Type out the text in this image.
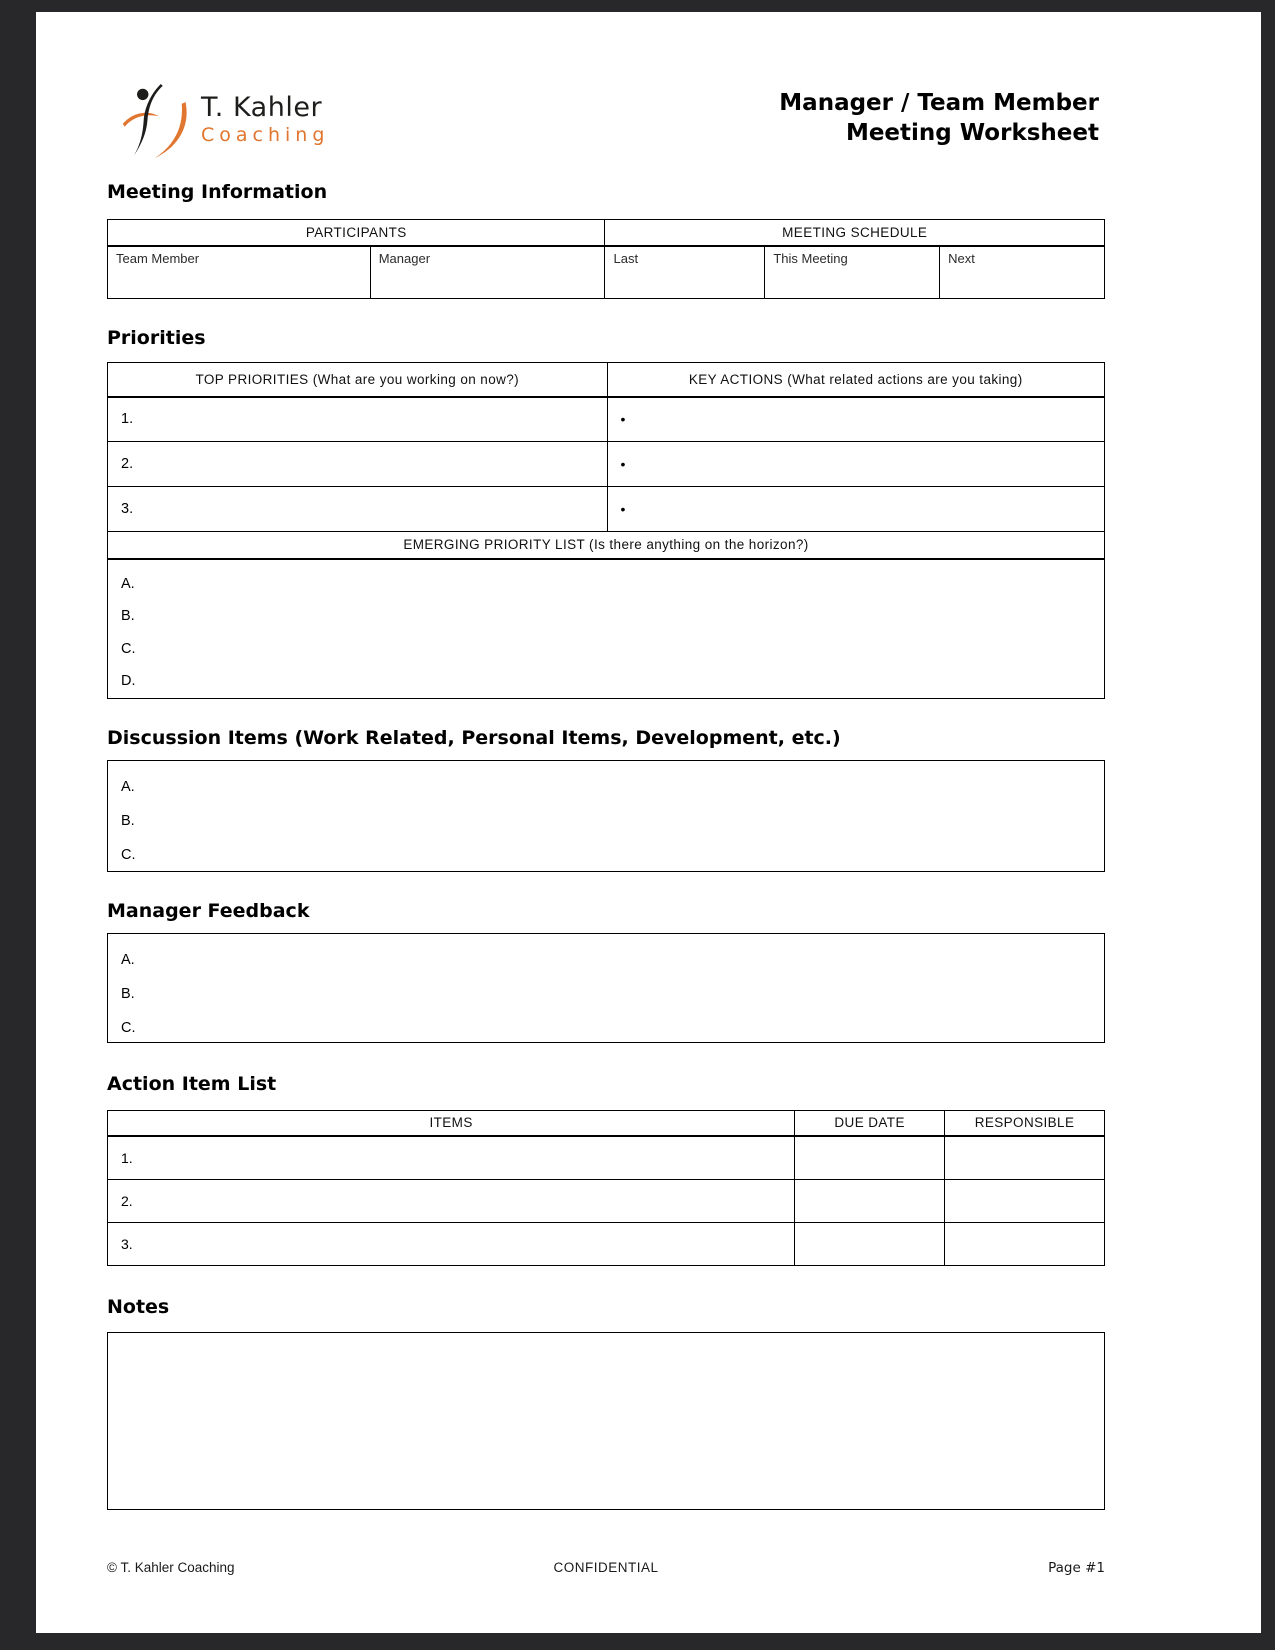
T. Kahler
Coaching
Manager / Team Member
Meeting Worksheet
Meeting Information
PARTICIPANTS		MEETING SCHEDULE		
Team Member	Manager	Last	This Meeting	Next
Priorities
TOP PRIORITIES (What are you working on now?)	KEY ACTIONS (What related actions are you taking)
1.	•
2.	•
3.	•
EMERGING PRIORITY LIST (Is there anything on the horizon?)	

A.
B.
C.
D.	
Discussion Items (Work Related, Personal Items, Development, etc.)
A.
B.
C.
Manager Feedback
A.
B.
C.
Action Item List
ITEMS	DUE DATE	RESPONSIBLE
1.		
2.		
3.		
Notes
© T. Kahler Coaching	CONFIDENTIAL	Page #1
